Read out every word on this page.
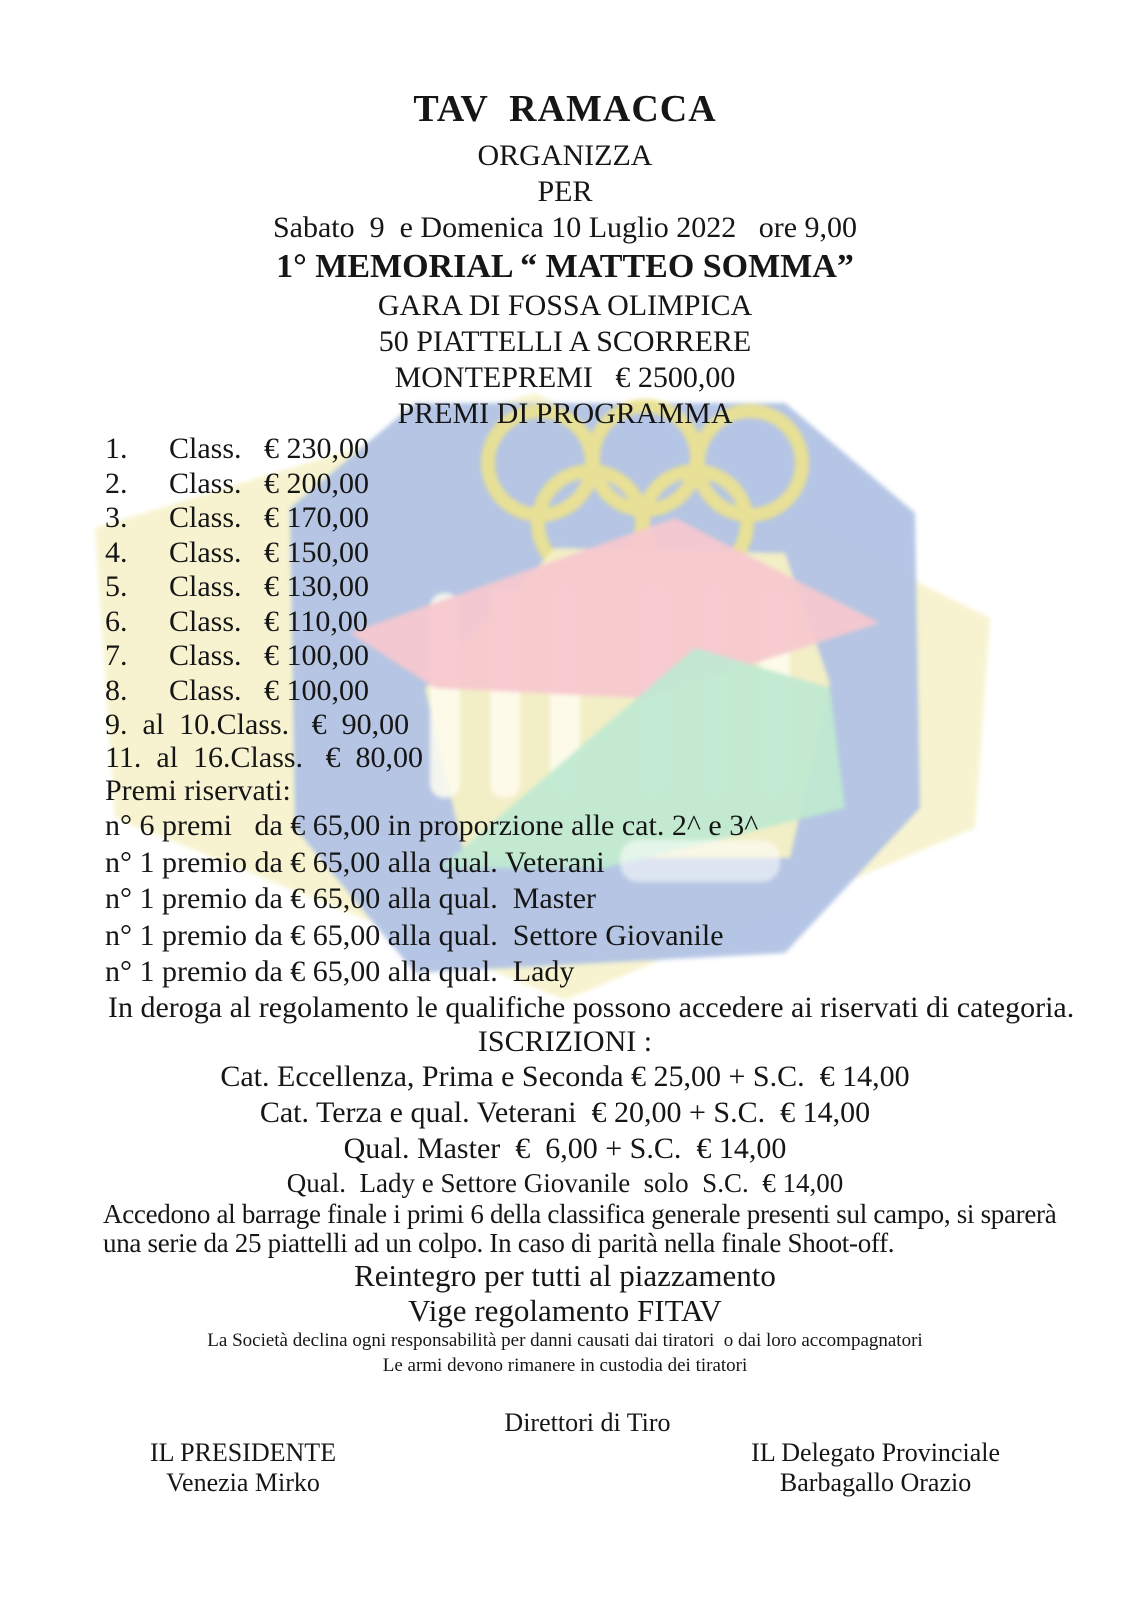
TAV  RAMACCA
ORGANIZZA
PER
Sabato  9  e Domenica 10 Luglio 2022   ore 9,00
1° MEMORIAL “ MATTEO SOMMA”
GARA DI FOSSA OLIMPICA
50 PIATTELLI A SCORRERE
MONTEPREMI   € 2500,00
PREMI DI PROGRAMMA
1. Class. € 230,00
2. Class. € 200,00
3. Class. € 170,00
4. Class. € 150,00
5. Class. € 130,00
6. Class. € 110,00
7. Class. € 100,00
8. Class. € 100,00
9.  al  10.Class. €  90,00
11.  al  16.Class. €  80,00
Premi riservati:
n° 6 premi   da € 65,00 in proporzione alle cat. 2^ e 3^
n° 1 premio da € 65,00 alla qual. Veterani
n° 1 premio da € 65,00 alla qual.  Master
n° 1 premio da € 65,00 alla qual.  Settore Giovanile
n° 1 premio da € 65,00 alla qual.  Lady
In deroga al regolamento le qualifiche possono accedere ai riservati di categoria.
ISCRIZIONI :
Cat. Eccellenza, Prima e Seconda € 25,00 + S.C.  € 14,00
Cat. Terza e qual. Veterani  € 20,00 + S.C.  € 14,00
Qual. Master  €  6,00 + S.C.  € 14,00
Qual.  Lady e Settore Giovanile  solo  S.C.  € 14,00
Accedono al barrage finale i primi 6 della classifica generale presenti sul campo, si sparerà
una serie da 25 piattelli ad un colpo. In caso di parità nella finale Shoot-off.
Reintegro per tutti al piazzamento
Vige regolamento FITAV
La Società declina ogni responsabilità per danni causati dai tiratori  o dai loro accompagnatori
Le armi devono rimanere in custodia dei tiratori
Direttori di Tiro
IL PRESIDENTE
Venezia Mirko
IL Delegato Provinciale
Barbagallo Orazio
